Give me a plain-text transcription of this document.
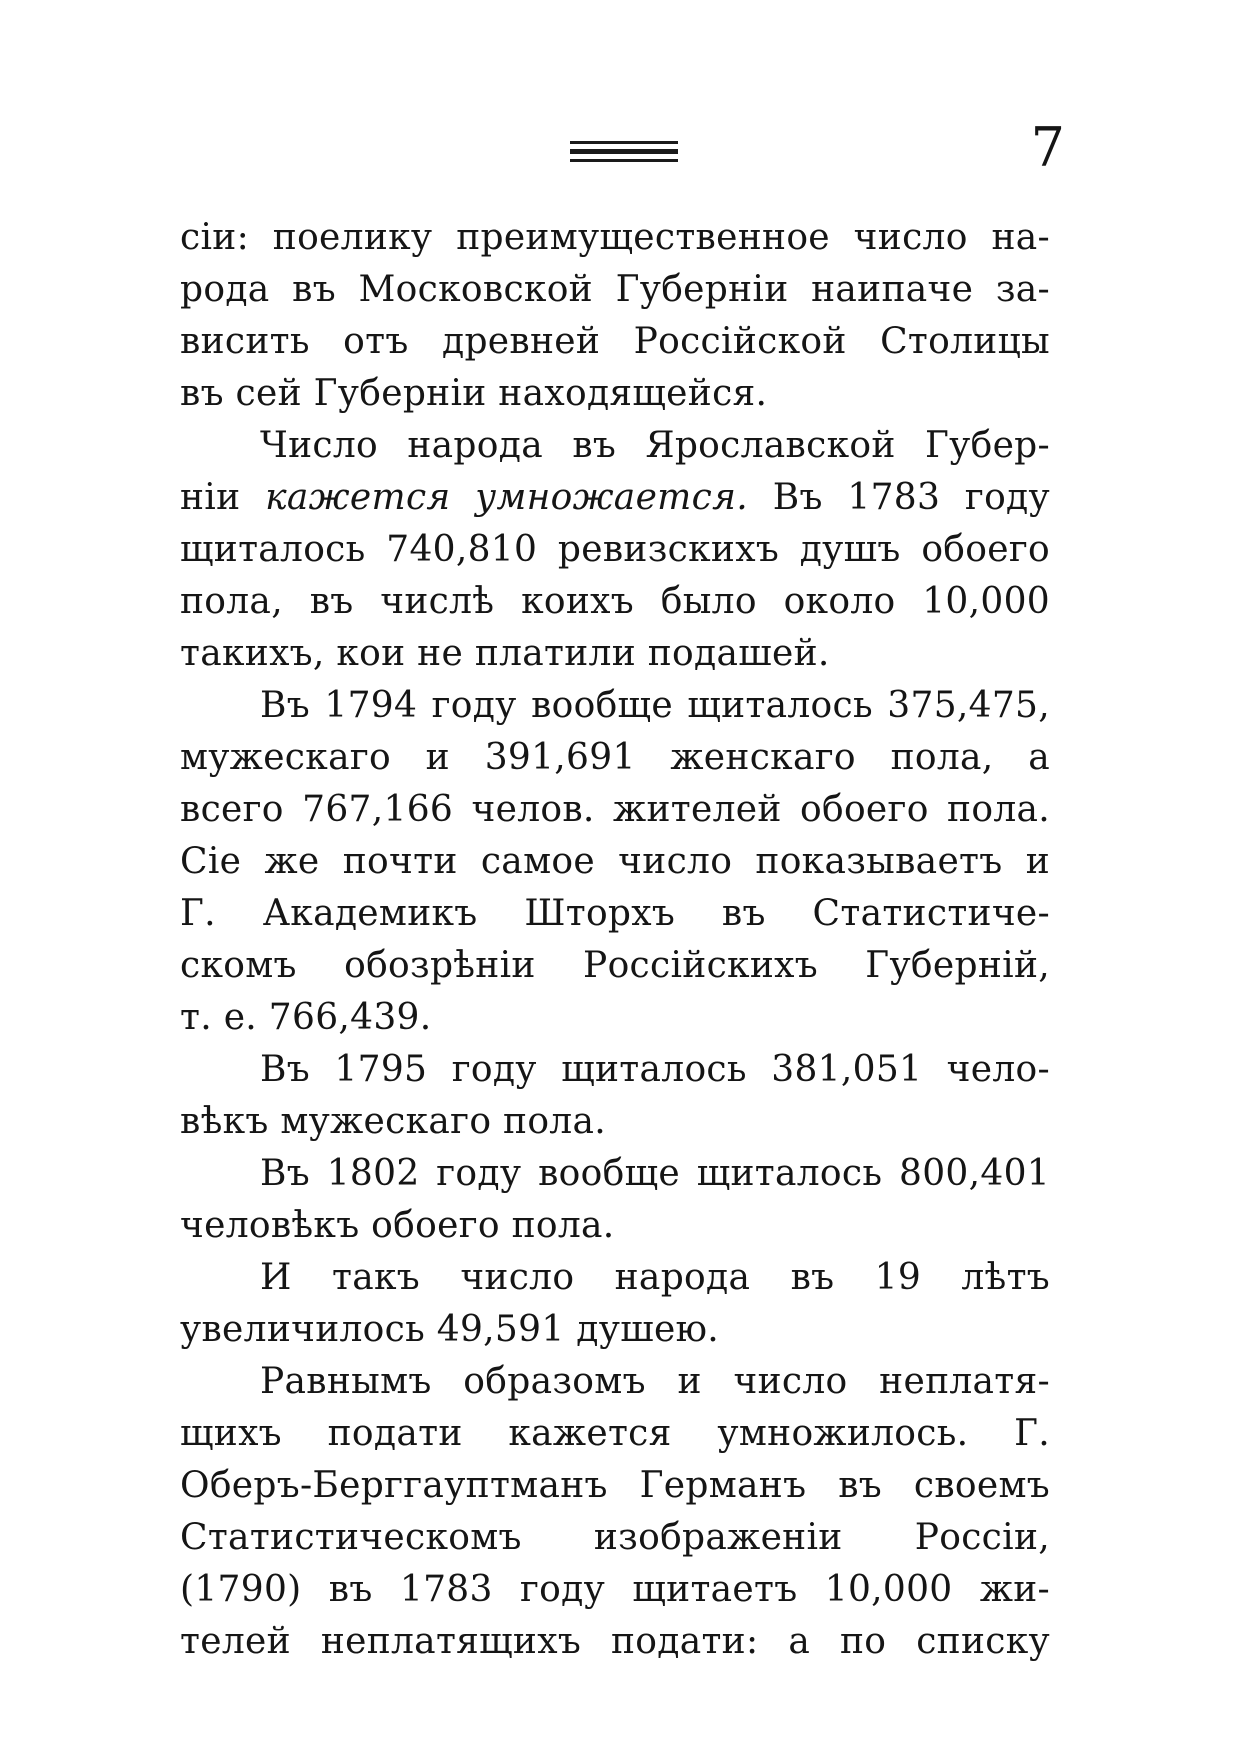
7
сіи: поелику преимущественное число на-
рода въ Московской Губерніи наипаче за-
висить отъ древней Россійской Столицы
въ сей Губерніи находящейся.
Число народа въ Ярославской Губер-
ніи кажется умножается. Въ 1783 году
щиталось 740,810 ревизскихъ душъ обоего
пола, въ числѣ коихъ было около 10,000
такихъ, кои не платили подашей.
Въ 1794 году вообще щиталось 375,475,
мужескаго и 391,691 женскаго пола, а
всего 767,166 челов. жителей обоего пола.
Сіе же почти самое число показываетъ и
Г. Академикъ Шторхъ въ Статистиче-
скомъ обозрѣніи Россійскихъ Губерній,
т. е. 766,439.
Въ 1795 году щиталось 381,051 чело-
вѣкъ мужескаго пола.
Въ 1802 году вообще щиталось 800,401
человѣкъ обоего пола.
И такъ число народа въ 19 лѣтъ
увеличилось 49,591 душею.
Равнымъ образомъ и число неплатя-
щихъ подати кажется умножилось. Г.
Оберъ-Берггауптманъ Германъ въ своемъ
Статистическомъ изображеніи Россіи,
(1790) въ 1783 году щитаетъ 10,000 жи-
телей неплатящихъ подати: а по списку
